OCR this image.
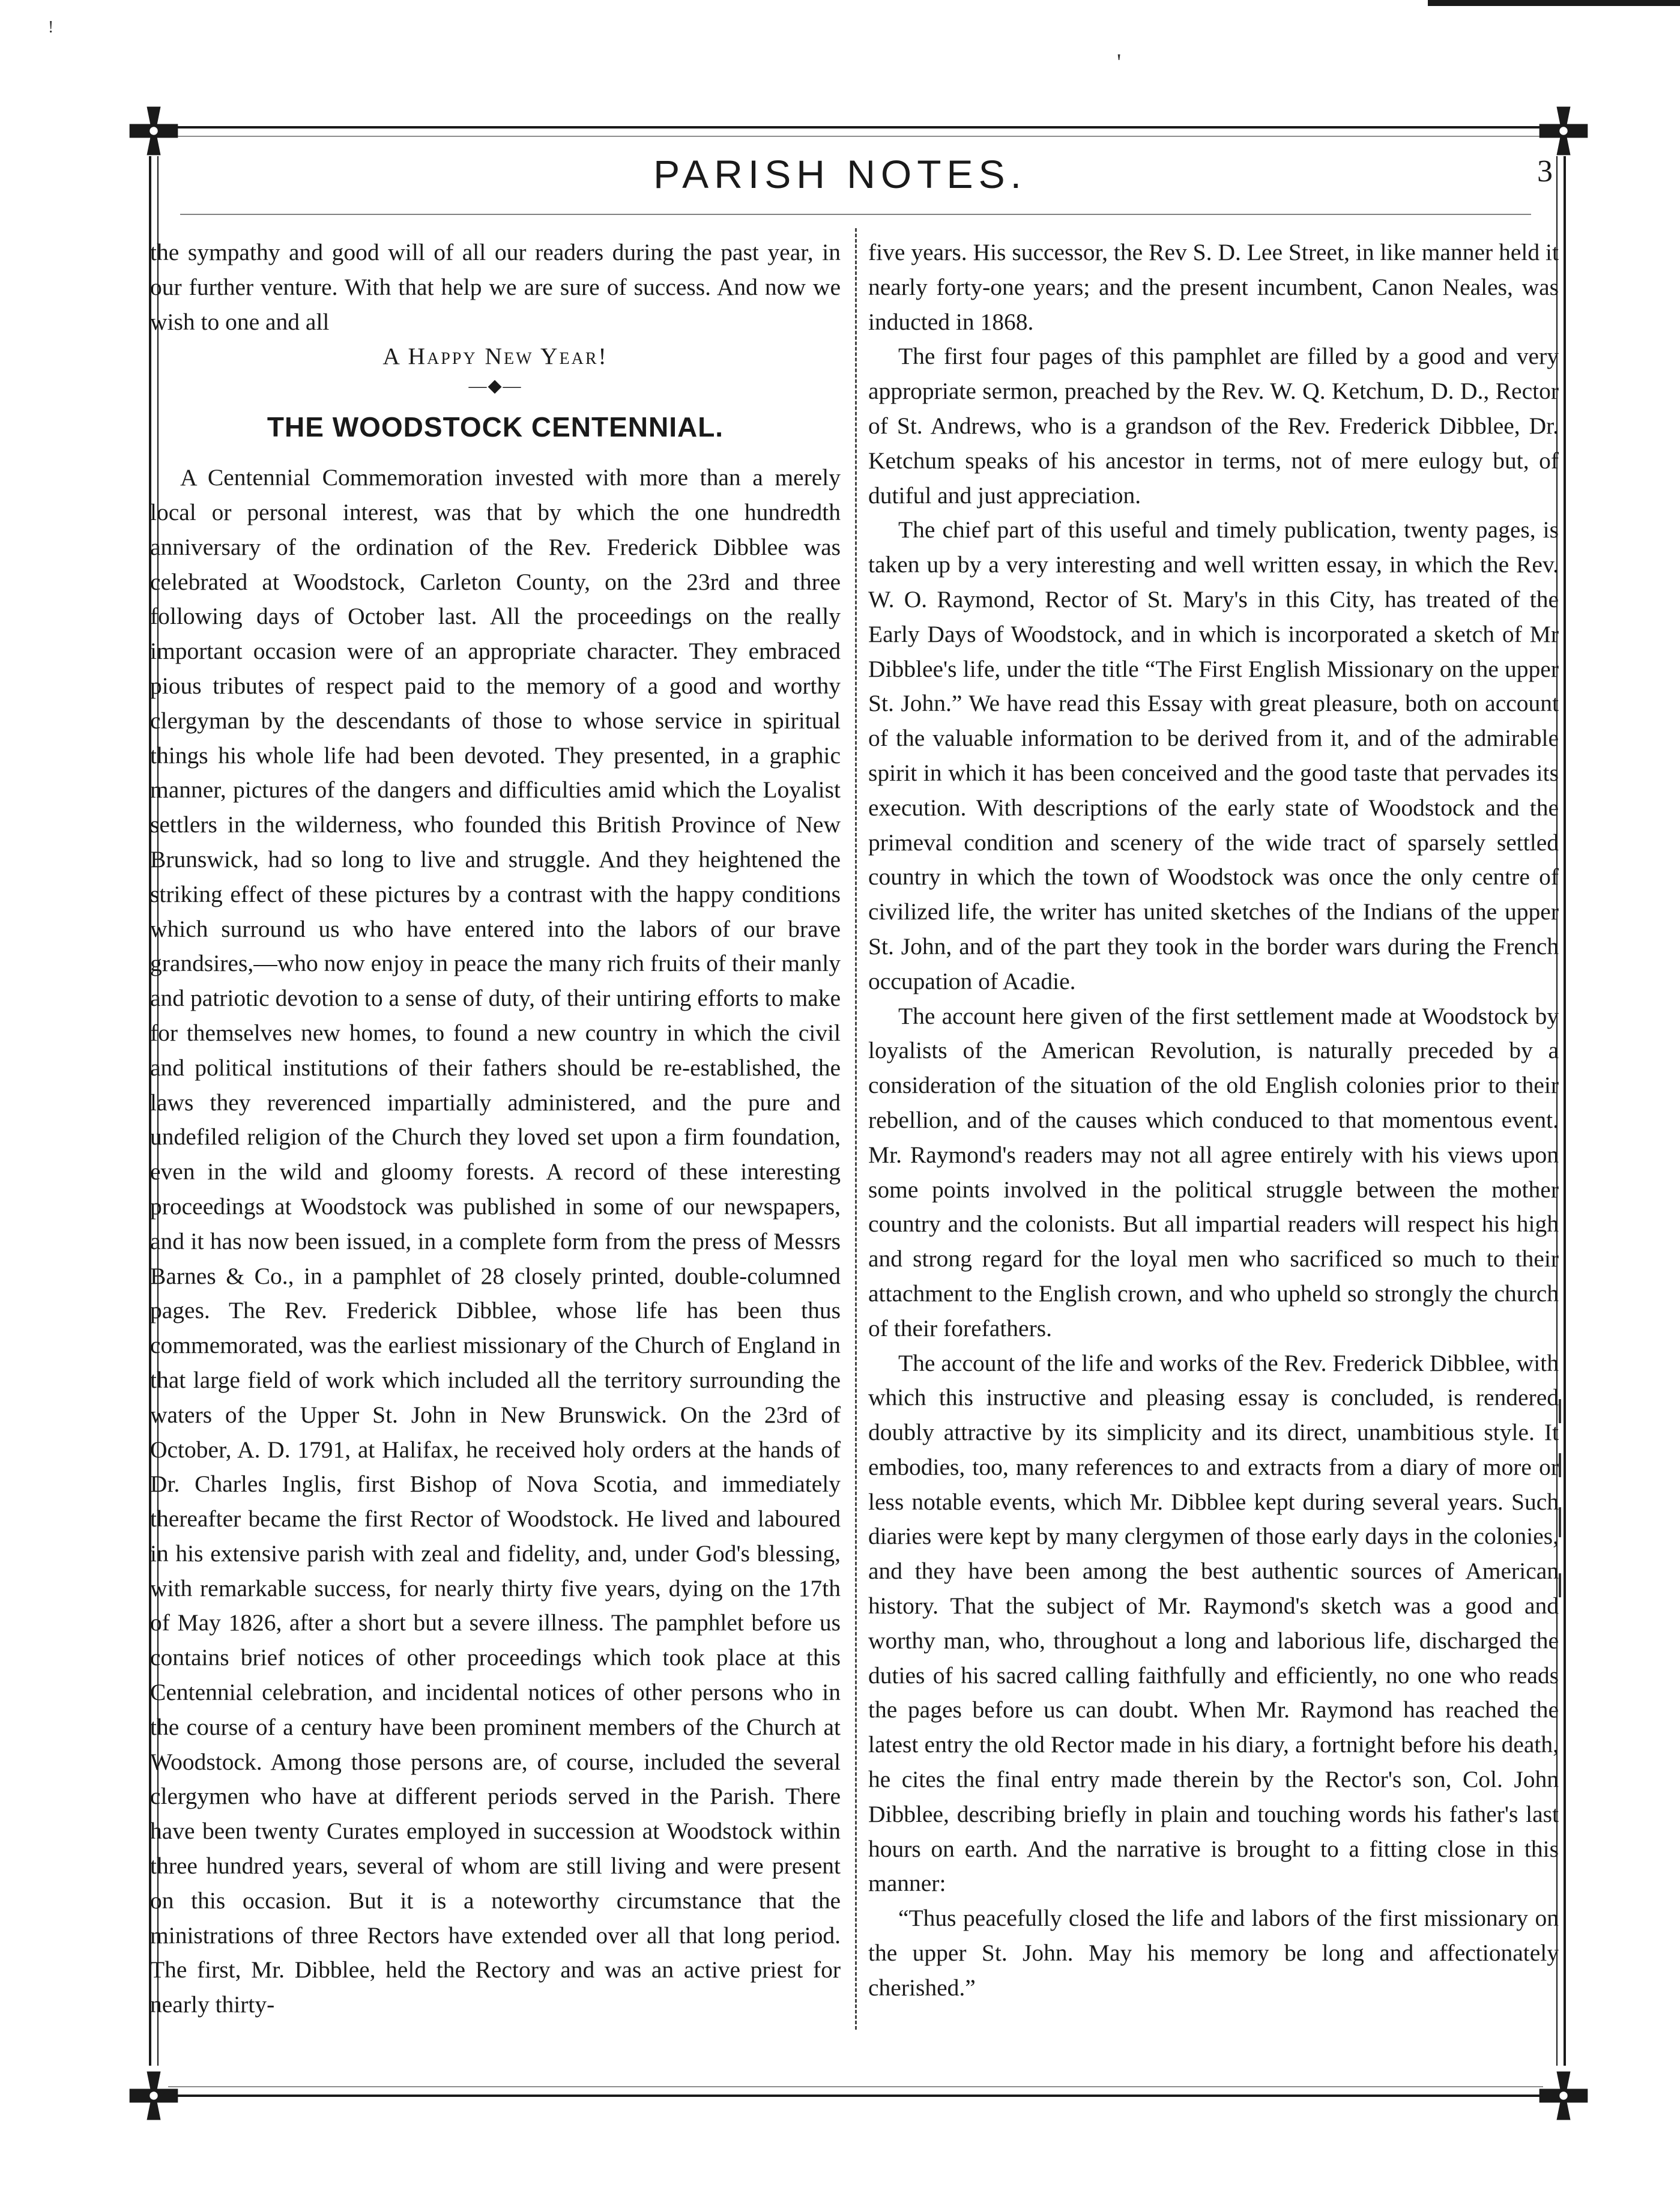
'
!
PARISH NOTES.	3

the sympathy and good will of all our readers during the past year, in our further venture. With that help we are sure of success. And now we wish to one and all

A Happy New Year!

—◆—

THE WOODSTOCK CENTENNIAL.

A Centennial Commemoration invested with more than a merely local or personal interest, was that by which the one hundredth anniversary of the ordination of the Rev. Frederick Dibblee was celebrated at Woodstock, Carleton County, on the 23rd and three following days of October last. All the proceedings on the really important occasion were of an appropriate character. They embraced pious tributes of respect paid to the memory of a good and worthy clergyman by the descendants of those to whose service in spiritual things his whole life had been devoted. They presented, in a graphic manner, pictures of the dangers and difficulties amid which the Loyalist settlers in the wilderness, who founded this British Province of New Brunswick, had so long to live and struggle. And they heightened the striking effect of these pictures by a contrast with the happy conditions which surround us who have entered into the labors of our brave grandsires,—who now enjoy in peace the many rich fruits of their manly and patriotic devotion to a sense of duty, of their untiring efforts to make for themselves new homes, to found a new country in which the civil and political institutions of their fathers should be re-established, the laws they reverenced impartially administered, and the pure and undefiled religion of the Church they loved set upon a firm foundation, even in the wild and gloomy forests. A record of these interesting proceedings at Woodstock was published in some of our newspapers, and it has now been issued, in a complete form from the press of Messrs Barnes & Co., in a pamphlet of 28 closely printed, double-columned pages. The Rev. Frederick Dibblee, whose life has been thus commemorated, was the earliest missionary of the Church of England in that large field of work which included all the territory surrounding the waters of the Upper St. John in New Brunswick. On the 23rd of October, A. D. 1791, at Halifax, he received holy orders at the hands of Dr. Charles Inglis, first Bishop of Nova Scotia, and immediately thereafter became the first Rector of Woodstock. He lived and laboured in his extensive parish with zeal and fidelity, and, under God's blessing, with remarkable success, for nearly thirty five years, dying on the 17th of May 1826, after a short but a severe illness. The pamphlet before us contains brief notices of other proceedings which took place at this Centennial celebration, and incidental notices of other persons who in the course of a century have been prominent members of the Church at Woodstock. Among those persons are, of course, included the several clergymen who have at different periods served in the Parish. There have been twenty Curates employed in succession at Woodstock within three hundred years, several of whom are still living and were present on this occasion. But it is a noteworthy circumstance that the ministrations of three Rectors have extended over all that long period. The first, Mr. Dibblee, held the Rectory and was an active priest for nearly thirty-

five years. His successor, the Rev S. D. Lee Street, in like manner held it nearly forty-one years; and the present incumbent, Canon Neales, was inducted in 1868.

The first four pages of this pamphlet are filled by a good and very appropriate sermon, preached by the Rev. W. Q. Ketchum, D. D., Rector of St. Andrews, who is a grandson of the Rev. Frederick Dibblee, Dr. Ketchum speaks of his ancestor in terms, not of mere eulogy but, of dutiful and just appreciation.

The chief part of this useful and timely publication, twenty pages, is taken up by a very interesting and well written essay, in which the Rev. W. O. Raymond, Rector of St. Mary's in this City, has treated of the Early Days of Woodstock, and in which is incorporated a sketch of Mr Dibblee's life, under the title “The First English Missionary on the upper St. John.” We have read this Essay with great pleasure, both on account of the valuable information to be derived from it, and of the admirable spirit in which it has been conceived and the good taste that pervades its execution. With descriptions of the early state of Woodstock and the primeval condition and scenery of the wide tract of sparsely settled country in which the town of Woodstock was once the only centre of civilized life, the writer has united sketches of the Indians of the upper St. John, and of the part they took in the border wars during the French occupation of Acadie.

The account here given of the first settlement made at Woodstock by loyalists of the American Revolution, is naturally preceded by a consideration of the situation of the old English colonies prior to their rebellion, and of the causes which conduced to that momentous event. Mr. Raymond's readers may not all agree entirely with his views upon some points involved in the political struggle between the mother country and the colonists. But all impartial readers will respect his high and strong regard for the loyal men who sacrificed so much to their attachment to the English crown, and who upheld so strongly the church of their forefathers.

The account of the life and works of the Rev. Frederick Dibblee, with which this instructive and pleasing essay is concluded, is rendered doubly attractive by its simplicity and its direct, unambitious style. It embodies, too, many references to and extracts from a diary of more or less notable events, which Mr. Dibblee kept during several years. Such diaries were kept by many clergymen of those early days in the colonies, and they have been among the best authentic sources of American history. That the subject of Mr. Raymond's sketch was a good and worthy man, who, throughout a long and laborious life, discharged the duties of his sacred calling faithfully and efficiently, no one who reads the pages before us can doubt. When Mr. Raymond has reached the latest entry the old Rector made in his diary, a fortnight before his death, he cites the final entry made therein by the Rector's son, Col. John Dibblee, describing briefly in plain and touching words his father's last hours on earth. And the narrative is brought to a fitting close in this manner:

“Thus peacefully closed the life and labors of the first missionary on the upper St. John. May his memory be long and affectionately cherished.”
